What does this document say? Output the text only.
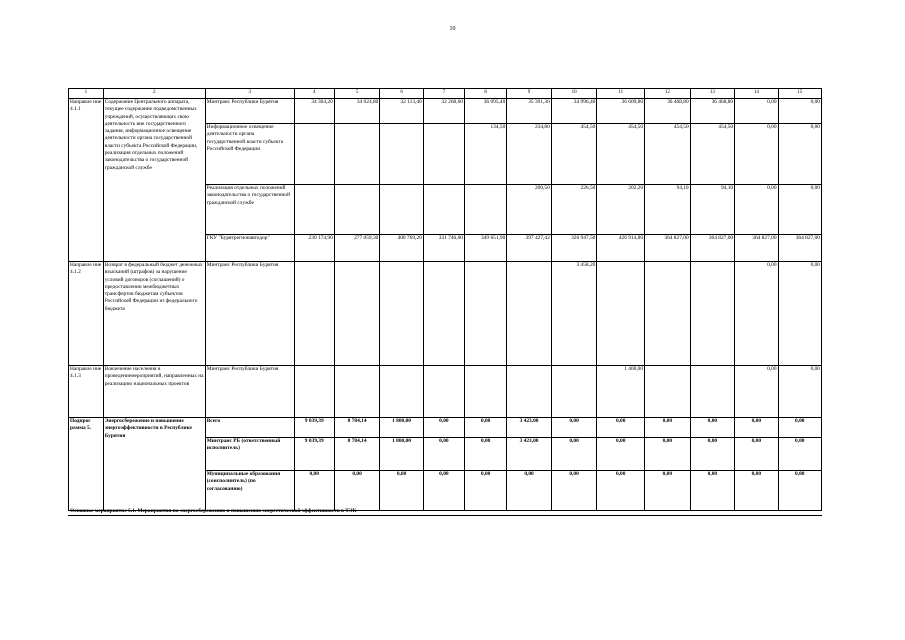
10
1	2	3	4	5	6	7	8	9	10	11	12	13	14	15
Направле ние 4.1.1	Содержание Центрального аппарата, текущее содержание подведомственных учреждений, осуществляющих свою деятельность вне государственного задания, информационное освещение деятельности органа государственной власти субъекта Российской Федерации, реализация отдельных положений законодательства о государственной гражданской службе	Минтранс Республики Бурятия	34 364,20	34 024,80	32 113,40	32 268,60	36 095,40	35 391,30	34 996,40	36 609,80	36 468,80	36 468,80	0,00	0,00
		Информационное освещение деятельности органа государственной власти субъекта Российской Федерации					134,50	234,80	454,50	454,50	454,50	454,50	0,00	0,00
		Реализация отдельных положений законодательства о государственной гражданской службе						200,50	226,50	202,20	94,10	94,10	0,00	0,00
		ГКУ "Бурятрегионавтодор"	230 174,90	277 059,30	400 769,20	331 746,00	349 651,90	397 427,42	326 947,50	426 914,80	364 827,00	364 827,00	364 827,00	364 827,00
Направле ние 4.1.2	Возврат в федеральный бюджет денежных взысканий (штрафов) за нарушение условий договоров (соглашений) о предоставлении межбюджетных трансфертов бюджетам субъектов Российской Федерации из федерального бюджета	Минтранс Республики Бурятия							3 458,20				0,00	0,00
Направле ние 4.1.3	Вовлечение населения в проведениемероприятий, направленных на реализацию национальных проектов	Минтранс Республики Бурятия								1 400,00			0,00	0,00
Подпрог рамма 5.	Энергосбережение и повышение энергоэффективности в Республике Бурятия	Всего	9 039,39	8 784,14	1 800,00	0,00	0,00	3 423,00	0,00	0,00	0,00	0,00	0,00	0,00
		Минтранс РБ (ответственный исполнитель)	9 039,39	8 784,14	1 800,00	0,00	0,00	3 423,00	0,00	0,00	0,00	0,00	0,00	0,00
		Муниципальные образования (соисполнитель) (по согласованию)	0,00	0,00	0,00	0,00	0,00	0,00	0,00	0,00	0,00	0,00	0,00	0,00
Основное мероприятие 5.1. Мероприятия по энергосбережению и повышению энергетической эффективности в ТЭК
